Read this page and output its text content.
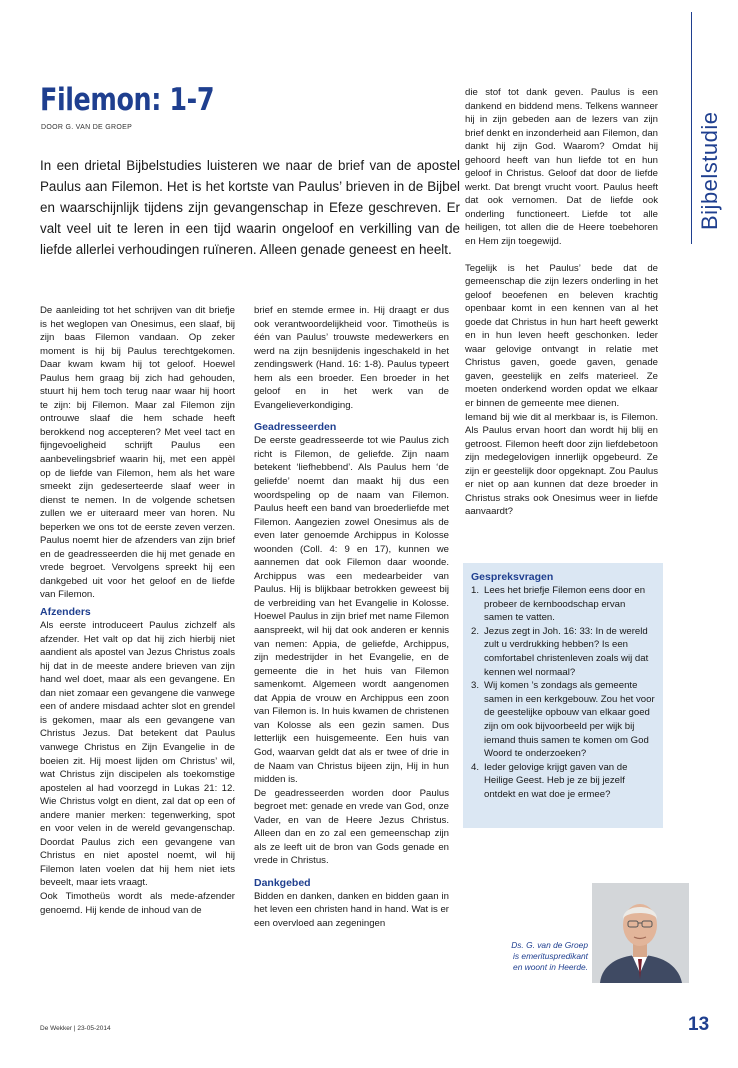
Filemon: 1-7
DOOR G. VAN DE GROEP	Bijbelstudie

In een drietal Bijbelstudies luisteren we naar de brief van de apostel Paulus aan Filemon. Het is het kortste van Paulus’ brieven in de Bijbel en waarschijnlijk tijdens zijn gevangenschap in Efeze geschreven. Er valt veel uit te leren in een tijd waarin ongeloof en verkilling van de liefde allerlei verhoudingen ruïneren. Alleen genade geneest en heelt.

De aanleiding tot het schrijven van dit briefje is het weglopen van Onesimus, een slaaf, bij zijn baas Filemon vandaan. Op zeker moment is hij bij Paulus terechtgekomen. Daar kwam kwam hij tot geloof. Hoewel Paulus hem graag bij zich had gehouden, stuurt hij hem toch terug naar waar hij hoort te zijn: bij Filemon. Maar zal Filemon zijn ontrouwe slaaf die hem schade heeft berokkend nog accepteren? Met veel tact en fijngevoeligheid schrijft Paulus een aanbevelingsbrief waarin hij, met een appèl op de liefde van Filemon, hem als het ware smeekt zijn gedeserteerde slaaf weer in dienst te nemen. In de volgende schetsen zullen we er uiteraard meer van horen. Nu beperken we ons tot de eerste zeven verzen. Paulus noemt hier de afzenders van zijn brief en de geadresseerden die hij met genade en vrede begroet. Vervolgens spreekt hij een dankgebed uit voor het geloof en de liefde van Filemon.

Afzenders

Als eerste introduceert Paulus zichzelf als afzender. Het valt op dat hij zich hierbij niet aandient als apostel van Jezus Christus zoals hij dat in de meeste andere brieven van zijn hand wel doet, maar als een gevangene. En dan niet zomaar een gevangene die vanwege een of andere misdaad achter slot en grendel is gekomen, maar als een gevangene van Christus Jezus. Dat betekent dat Paulus vanwege Christus en Zijn Evangelie in de boeien zit. Hij moest lijden om Christus’ wil, wat Christus zijn discipelen als toekomstige apostelen al had voorzegd in Lukas 21: 12. Wie Christus volgt en dient, zal dat op een of andere manier merken: tegenwerking, spot en voor velen in de wereld gevangenschap. Doordat Paulus zich een gevangene van Christus en niet apostel noemt, wil hij Filemon laten voelen dat hij hem niet iets beveelt, maar iets vraagt.

Ook Timotheüs wordt als mede-afzender genoemd. Hij kende de inhoud van de

brief en stemde ermee in. Hij draagt er dus ook verantwoordelijkheid voor. Timotheüs is één van Paulus’ trouwste medewerkers en werd na zijn besnijdenis ingeschakeld in het zendingswerk (Hand. 16: 1-8). Paulus typeert hem als een broeder. Een broeder in het geloof en in het werk van de Evangelieverkondiging.

Geadresseerden

De eerste geadresseerde tot wie Paulus zich richt is Filemon, de geliefde. Zijn naam betekent ‘liefhebbend’. Als Paulus hem ‘de geliefde’ noemt dan maakt hij dus een woordspeling op de naam van Filemon. Paulus heeft een band van broederliefde met Filemon. Aangezien zowel Onesimus als de even later genoemde Archippus in Kolosse woonden (Coll. 4: 9 en 17), kunnen we aannemen dat ook Filemon daar woonde. Archippus was een medearbeider van Paulus. Hij is blijkbaar betrokken geweest bij de verbreiding van het Evangelie in Kolosse. Hoewel Paulus in zijn brief met name Filemon aanspreekt, wil hij dat ook anderen er kennis van nemen: Appia, de geliefde, Archippus, zijn medestrijder in het Evangelie, en de gemeente die in het huis van Filemon samenkomt. Algemeen wordt aangenomen dat Appia de vrouw en Archippus een zoon van Filemon is. In huis kwamen de christenen van Kolosse als een gezin samen. Dus letterlijk een huisgemeente. Een huis van God, waarvan geldt dat als er twee of drie in de Naam van Christus bijeen zijn, Hij in hun midden is.

De geadresseerden worden door Paulus begroet met: genade en vrede van God, onze Vader, en van de Heere Jezus Christus. Alleen dan en zo zal een gemeenschap zijn als ze leeft uit de bron van Gods genade en vrede in Christus.

Dankgebed

Bidden en danken, danken en bidden gaan in het leven een christen hand in hand. Wat is er een overvloed aan zegeningen

die stof tot dank geven. Paulus is een dankend en biddend mens. Telkens wanneer hij in zijn gebeden aan de lezers van zijn brief denkt en inzonderheid aan Filemon, dan dankt hij zijn God. Waarom? Omdat hij gehoord heeft van hun liefde tot en hun geloof in Christus. Geloof dat door de liefde werkt. Dat brengt vrucht voort. Paulus heeft dat ook vernomen. Dat de liefde ook onderling functioneert. Liefde tot alle heiligen, tot allen die de Heere toebehoren en Hem zijn toegewijd.

Tegelijk is het Paulus’ bede dat de gemeenschap die zijn lezers onderling in het geloof beoefenen en beleven krachtig openbaar komt in een kennen van al het goede dat Christus in hun hart heeft gewerkt en in hun leven heeft geschonken. Ieder waar gelovige ontvangt in relatie met Christus gaven, goede gaven, genade gaven, geestelijk en zelfs materieel. Ze moeten onderkend worden opdat we elkaar er binnen de gemeente mee dienen.

Iemand bij wie dit al merkbaar is, is Filemon. Als Paulus ervan hoort dan wordt hij blij en getroost. Filemon heeft door zijn liefdebetoon zijn medegelovigen innerlijk opgebeurd. Ze zijn er geestelijk door opgeknapt. Zou Paulus er niet op aan kunnen dat deze broeder in Christus straks ook Onesimus weer in liefde aanvaardt?

Gespreksvragen
1. Lees het briefje Filemon eens door en probeer de kernboodschap ervan samen te vatten.
2. Jezus zegt in Joh. 16: 33: In de wereld zult u verdrukking hebben? Is een comfortabel christenleven zoals wij dat kennen wel normaal?
3. Wij komen ’s zondags als gemeente samen in een kerkgebouw. Zou het voor de geestelijke opbouw van elkaar goed zijn om ook bijvoorbeeld per wijk bij iemand thuis samen te komen om God Woord te onderzoeken?
4. Ieder gelovige krijgt gaven van de Heilige Geest. Heb je ze bij jezelf ontdekt en wat doe je ermee?
Ds. G. van de Groep
is emerituspredikant
en woont in Heerde.
De Wekker | 23-05-2014	13
